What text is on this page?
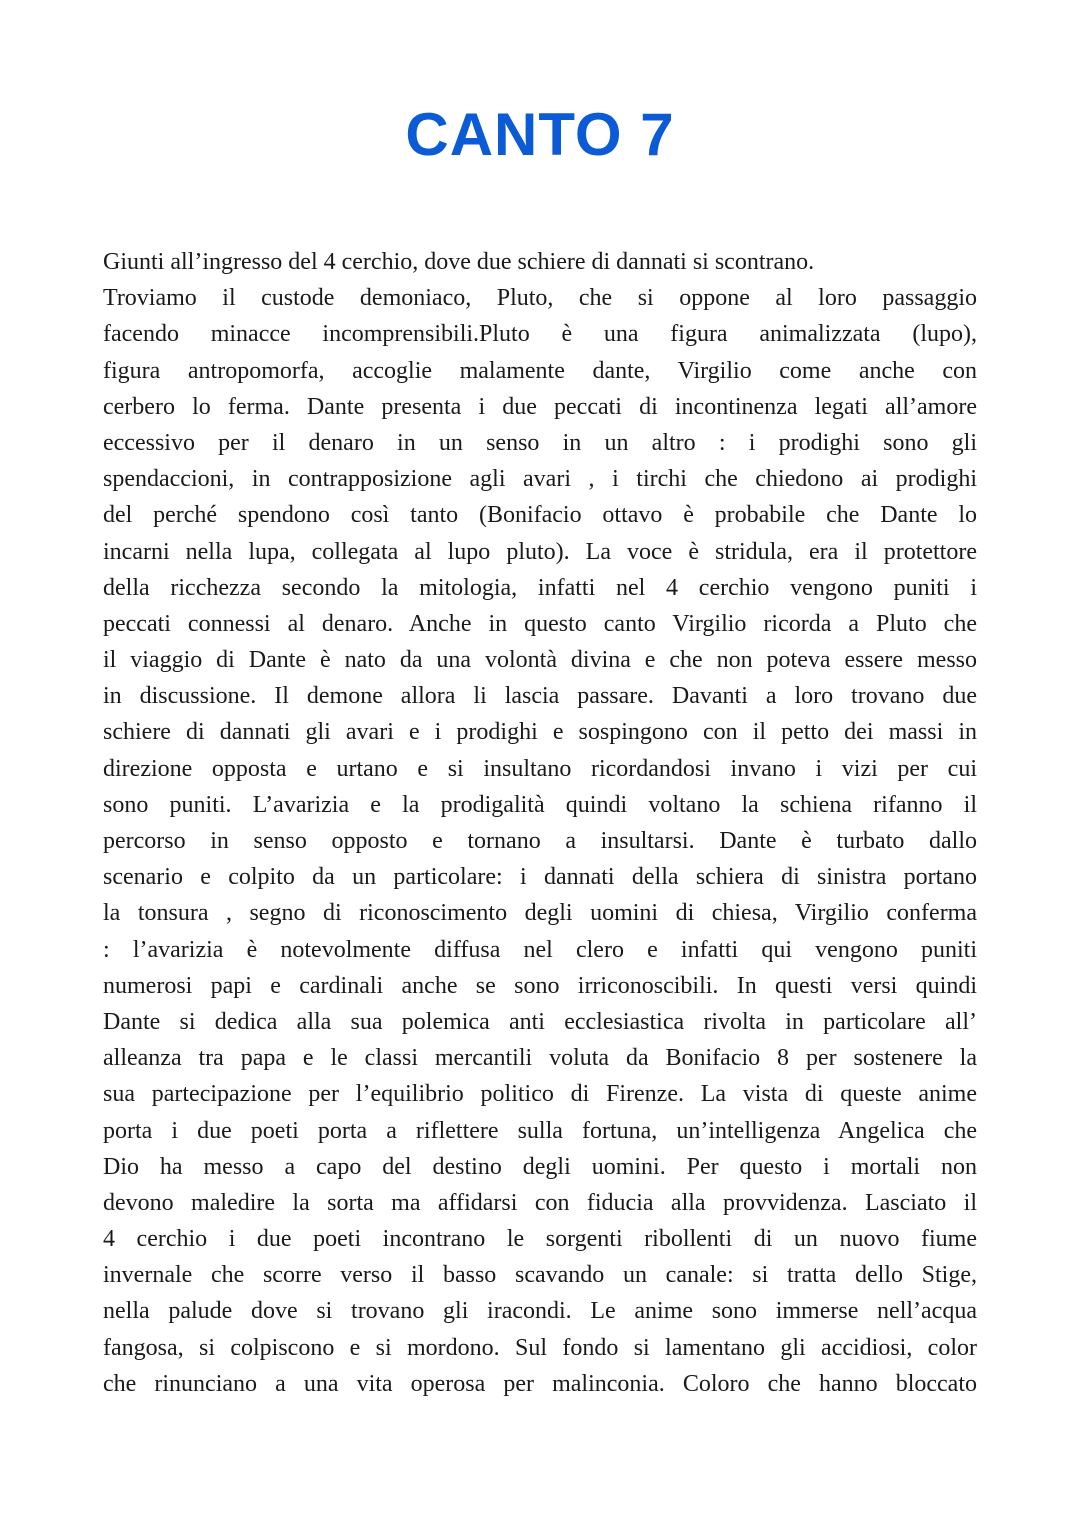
CANTO 7
Giunti all’ingresso del 4 cerchio, dove due schiere di dannati si scontrano.
Troviamo il custode demoniaco, Pluto, che si oppone al loro passaggio
facendo minacce incomprensibili.Pluto è una figura animalizzata (lupo),
figura antropomorfa, accoglie malamente dante, Virgilio come anche con
cerbero lo ferma. Dante presenta i due peccati di incontinenza legati all’amore
eccessivo per il denaro in un senso in un altro : i prodighi sono gli
spendaccioni, in contrapposizione agli avari , i tirchi che chiedono ai prodighi
del perché spendono così tanto (Bonifacio ottavo è probabile che Dante lo
incarni nella lupa, collegata al lupo pluto). La voce è stridula, era il protettore
della ricchezza secondo la mitologia, infatti nel 4 cerchio vengono puniti i
peccati connessi al denaro. Anche in questo canto Virgilio ricorda a Pluto che
il viaggio di Dante è nato da una volontà divina e che non poteva essere messo
in discussione. Il demone allora li lascia passare. Davanti a loro trovano due
schiere di dannati gli avari e i prodighi e sospingono con il petto dei massi in
direzione opposta e urtano e si insultano ricordandosi invano i vizi per cui
sono puniti. L’avarizia e la prodigalità quindi voltano la schiena rifanno il
percorso in senso opposto e tornano a insultarsi. Dante è turbato dallo
scenario e colpito da un particolare: i dannati della schiera di sinistra portano
la tonsura , segno di riconoscimento degli uomini di chiesa, Virgilio conferma
: l’avarizia è notevolmente diffusa nel clero e infatti qui vengono puniti
numerosi papi e cardinali anche se sono irriconoscibili. In questi versi quindi
Dante si dedica alla sua polemica anti ecclesiastica rivolta in particolare all’
alleanza tra papa e le classi mercantili voluta da Bonifacio 8 per sostenere la
sua partecipazione per l’equilibrio politico di Firenze. La vista di queste anime
porta i due poeti porta a riflettere sulla fortuna, un’intelligenza Angelica che
Dio ha messo a capo del destino degli uomini. Per questo i mortali non
devono maledire la sorta ma affidarsi con fiducia alla provvidenza. Lasciato il
4 cerchio i due poeti incontrano le sorgenti ribollenti di un nuovo fiume
invernale che scorre verso il basso scavando un canale: si tratta dello Stige,
nella palude dove si trovano gli iracondi. Le anime sono immerse nell’acqua
fangosa, si colpiscono e si mordono. Sul fondo si lamentano gli accidiosi, color
che rinunciano a una vita operosa per malinconia. Coloro che hanno bloccato
